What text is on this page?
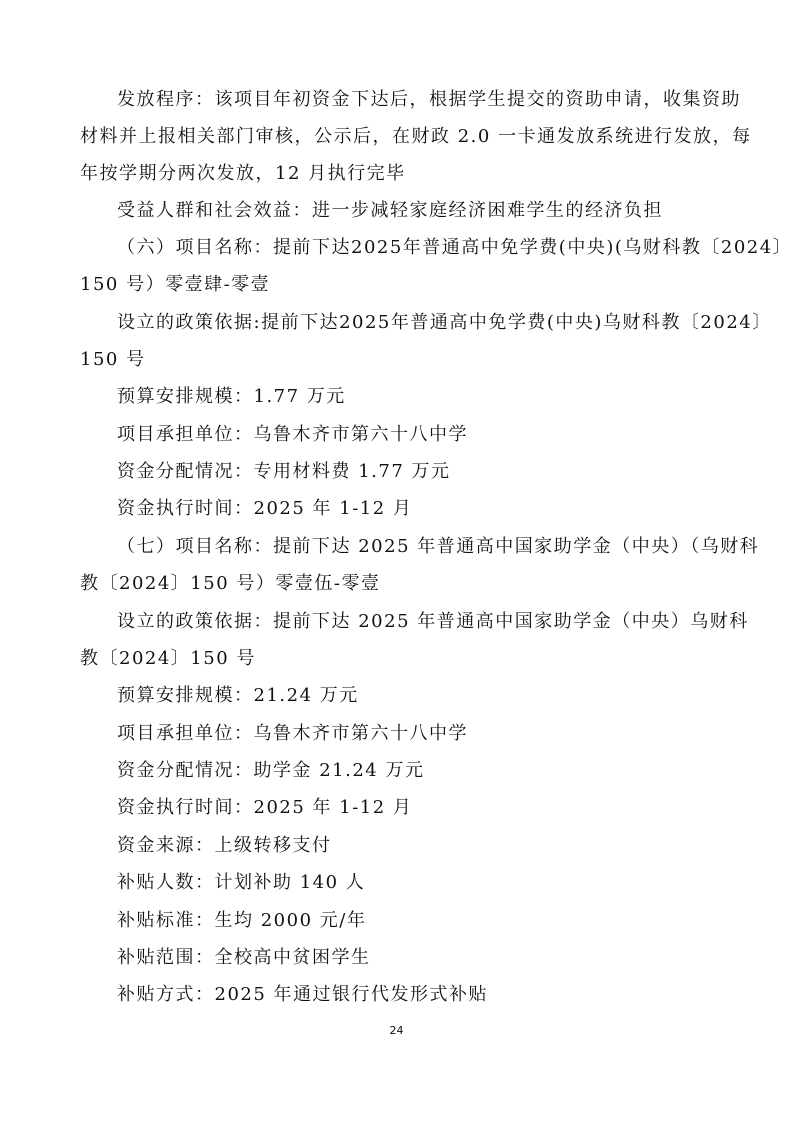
发放程序：该项目年初资金下达后，根据学生提交的资助申请，收集资助
材料并上报相关部门审核，公示后，在财政 2.0 一卡通发放系统进行发放，每
年按学期分两次发放，12 月执行完毕
受益人群和社会效益：进一步减轻家庭经济困难学生的经济负担
（六）项目名称：提前下达2025年普通高中免学费(中央)(乌财科教〔2024〕
150 号）零壹肆-零壹
设立的政策依据:提前下达2025年普通高中免学费(中央)乌财科教〔2024〕
150 号
预算安排规模：1.77 万元
项目承担单位：乌鲁木齐市第六十八中学
资金分配情况：专用材料费 1.77 万元
资金执行时间：2025 年 1-12 月
（七）项目名称：提前下达 2025 年普通高中国家助学金（中央）（乌财科
教〔2024〕150 号）零壹伍-零壹
设立的政策依据：提前下达 2025 年普通高中国家助学金（中央）乌财科
教〔2024〕150 号
预算安排规模：21.24 万元
项目承担单位：乌鲁木齐市第六十八中学
资金分配情况：助学金 21.24 万元
资金执行时间：2025 年 1-12 月
资金来源：上级转移支付
补贴人数：计划补助 140 人
补贴标准：生均 2000 元/年
补贴范围：全校高中贫困学生
补贴方式：2025 年通过银行代发形式补贴
24
